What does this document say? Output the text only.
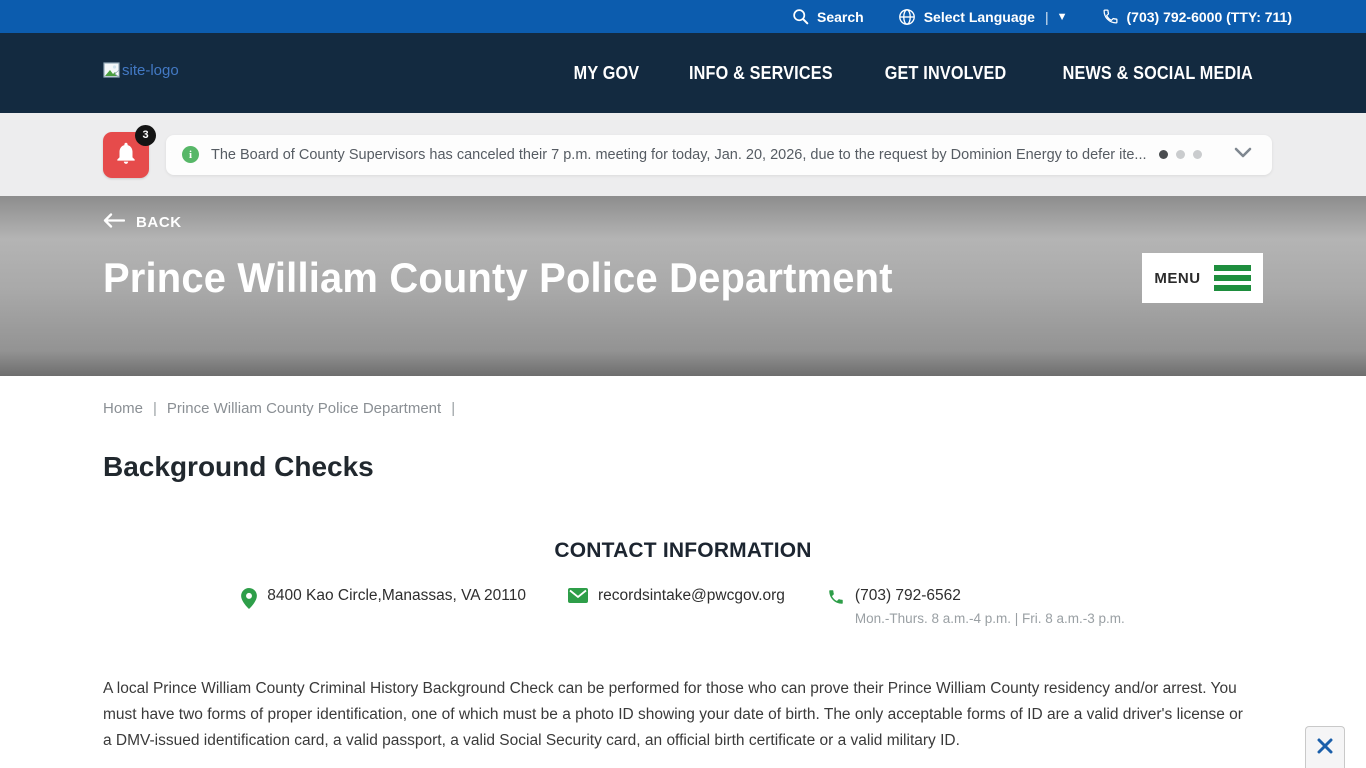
Search	Select Language | ▼	(703) 792-6000 (TTY: 711)
site-logo	MY GOV	INFO & SERVICES	GET INVOLVED	NEWS & SOCIAL MEDIA
3
i	The Board of County Supervisors has canceled their 7 p.m. meeting for today, Jan. 20, 2026, due to the request by Dominion Energy to defer ite...
BACK
Prince William County Police Department	MENU
Home | Prince William County Police Department |
Background Checks
CONTACT INFORMATION
8400 Kao Circle,Manassas, VA 20110	recordsintake@pwcgov.org	(703) 792-6562
Mon.-Thurs. 8 a.m.-4 p.m. | Fri. 8 a.m.-3 p.m.

A local Prince William County Criminal History Background Check can be performed for those who can prove their Prince William County residency and/or arrest. You must have two forms of proper identification, one of which must be a photo ID showing your date of birth. The only acceptable forms of ID are a valid driver's license or a DMV-issued identification card, a valid passport, a valid Social Security card, an official birth certificate or a valid military ID.
